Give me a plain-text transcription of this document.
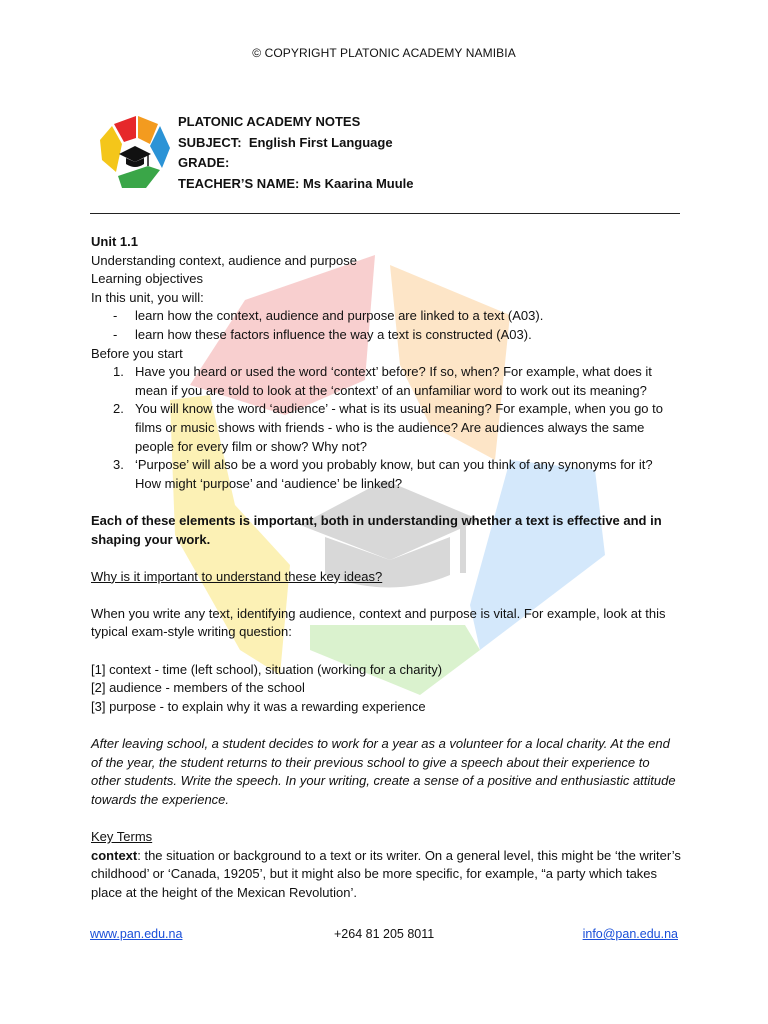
© COPYRIGHT PLATONIC ACADEMY NAMIBIA
PLATONIC ACADEMY NOTES
SUBJECT: English First Language
GRADE:
TEACHER’S NAME: Ms Kaarina Muule

Unit 1.1

Understanding context, audience and purpose

Learning objectives

In this unit, you will:

- learn how the context, audience and purpose are linked to a text (A03).

- learn how these factors influence the way a text is constructed (A03).

Before you start

1. Have you heard or used the word ‘context’ before? If so, when? For example, what does it mean if you are told to look at the ‘context’ of an unfamiliar word to work out its meaning?

2. You will know the word ‘audience’ - what is its usual meaning? For example, when you go to films or music shows with friends - who is the audience? Are audiences always the same people for every film or show? Why not?

3. ‘Purpose’ will also be a word you probably know, but can you think of any synonyms for it? How might ‘purpose’ and ‘audience’ be linked?

Each of these elements is important, both in understanding whether a text is effective and in shaping your work.

Why is it important to understand these key ideas?

When you write any text, identifying audience, context and purpose is vital. For example, look at this typical exam-style writing question:

[1] context - time (left school), situation (working for a charity)

[2] audience - members of the school

[3] purpose - to explain why it was a rewarding experience

After leaving school, a student decides to work for a year as a volunteer for a local charity. At the end of the year, the student returns to their previous school to give a speech about their experience to other students. Write the speech. In your writing, create a sense of a positive and enthusiastic attitude towards the experience.

Key Terms

context: the situation or background to a text or its writer. On a general level, this might be ‘the writer’s childhood’ or ‘Canada, 19205’, but it might also be more specific, for example, “a party which takes place at the height of the Mexican Revolution’.

www.pan.edu.na	+264 81 205 8011	info@pan.edu.na
